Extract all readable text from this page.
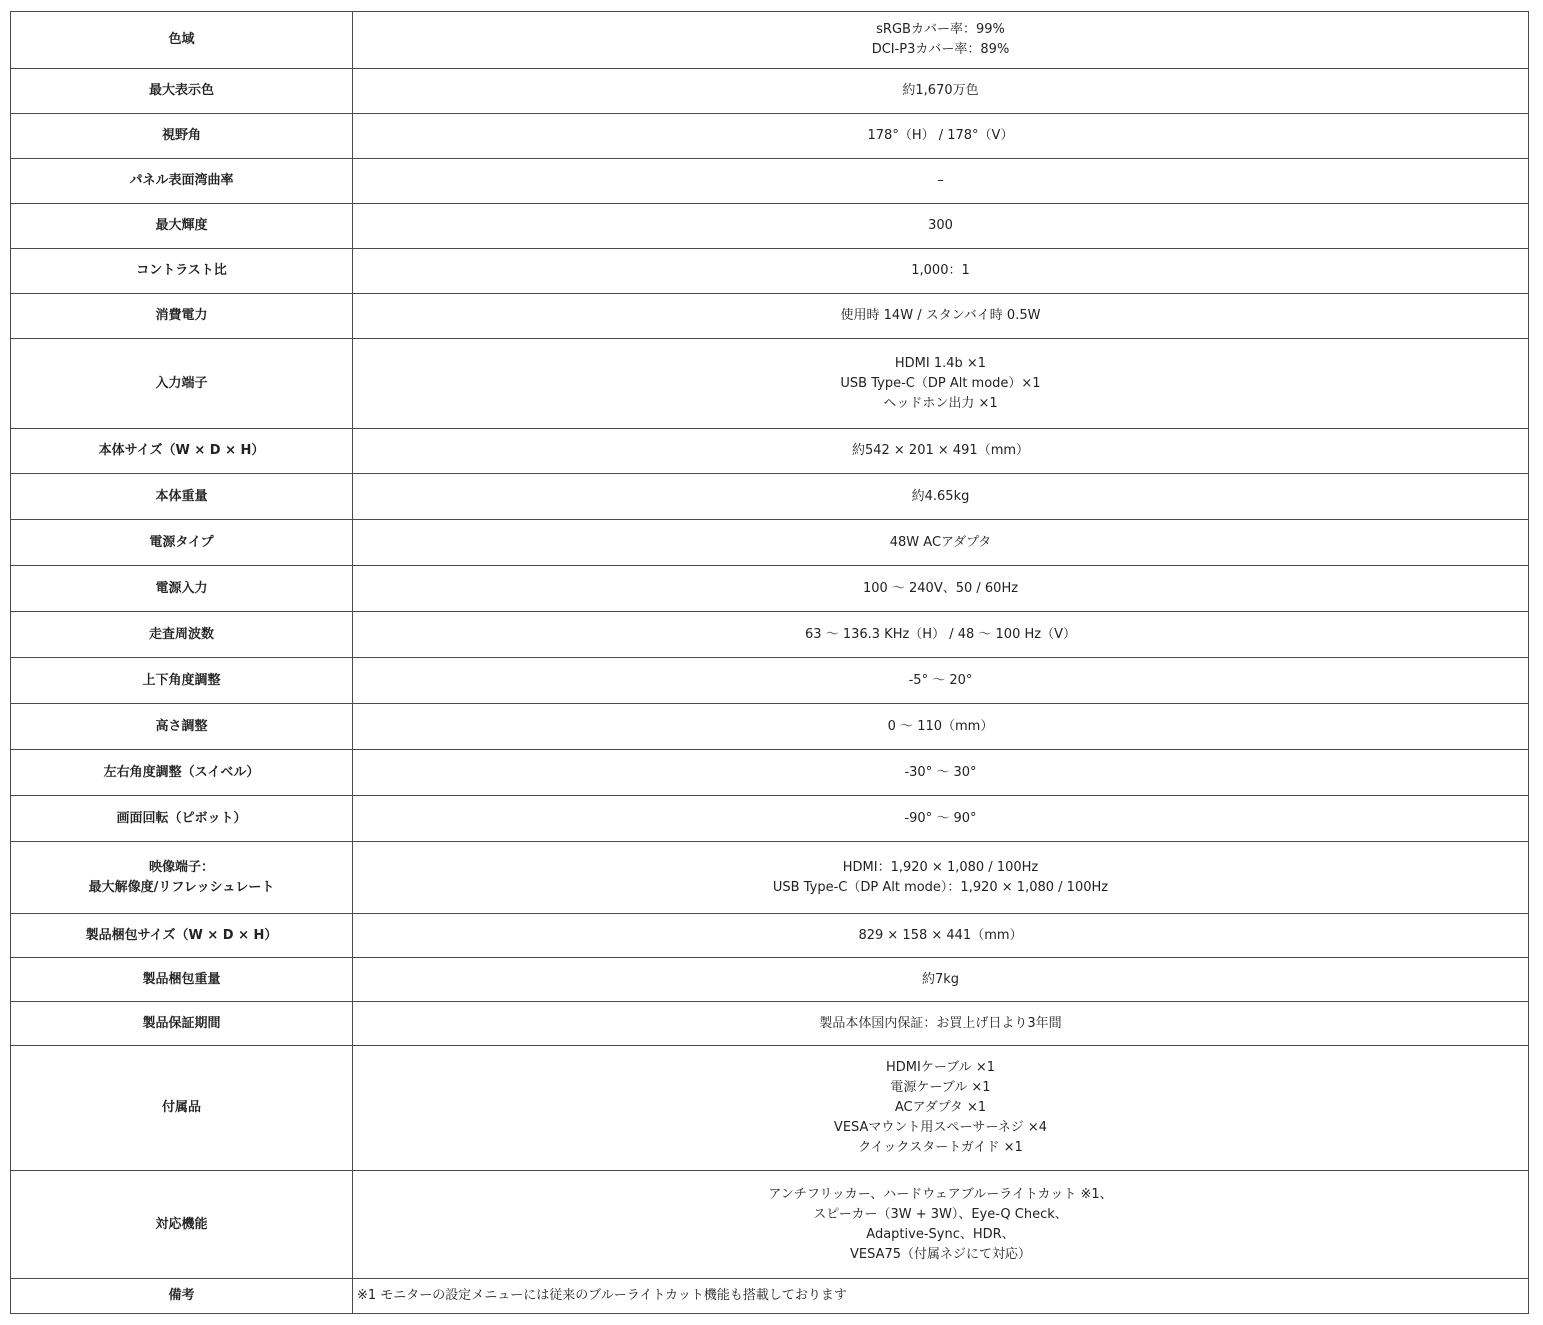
色域	sRGBカバー率：99%
DCI-P3カバー率：89%

最大表示色	約1,670万色

視野角	178°（H） / 178°（V）

パネル表面湾曲率	–

最大輝度	300

コントラスト比	1,000：1

消費電力	使用時 14W / スタンバイ時 0.5W

入力端子	HDMI 1.4b ×1
USB Type-C（DP Alt mode）×1
ヘッドホン出力 ×1

本体サイズ（W × D × H）	約542 × 201 × 491（mm）

本体重量	約4.65kg

電源タイプ	48W ACアダプタ

電源入力	100 ～ 240V、50 / 60Hz

走査周波数	63 ～ 136.3 KHz（H） / 48 ～ 100 Hz（V）

上下角度調整	-5° ～ 20°

高さ調整	0 ～ 110（mm）

左右角度調整（スイベル）	-30° ～ 30°

画面回転（ピボット）	-90° ～ 90°

映像端子：
最大解像度/リフレッシュレート	HDMI：1,920 × 1,080 / 100Hz
USB Type-C（DP Alt mode）：1,920 × 1,080 / 100Hz

製品梱包サイズ（W × D × H）	829 × 158 × 441（mm）

製品梱包重量	約7kg

製品保証期間	製品本体国内保証：お買上げ日より3年間

付属品	HDMIケーブル ×1
電源ケーブル ×1
ACアダプタ ×1
VESAマウント用スペーサーネジ ×4
クイックスタートガイド ×1

対応機能	アンチフリッカー、ハードウェアブルーライトカット ※1、
スピーカー（3W + 3W）、Eye-Q Check、
Adaptive-Sync、HDR、
VESA75（付属ネジにて対応）

備考	※1 モニターの設定メニューには従来のブルーライトカット機能も搭載しております
